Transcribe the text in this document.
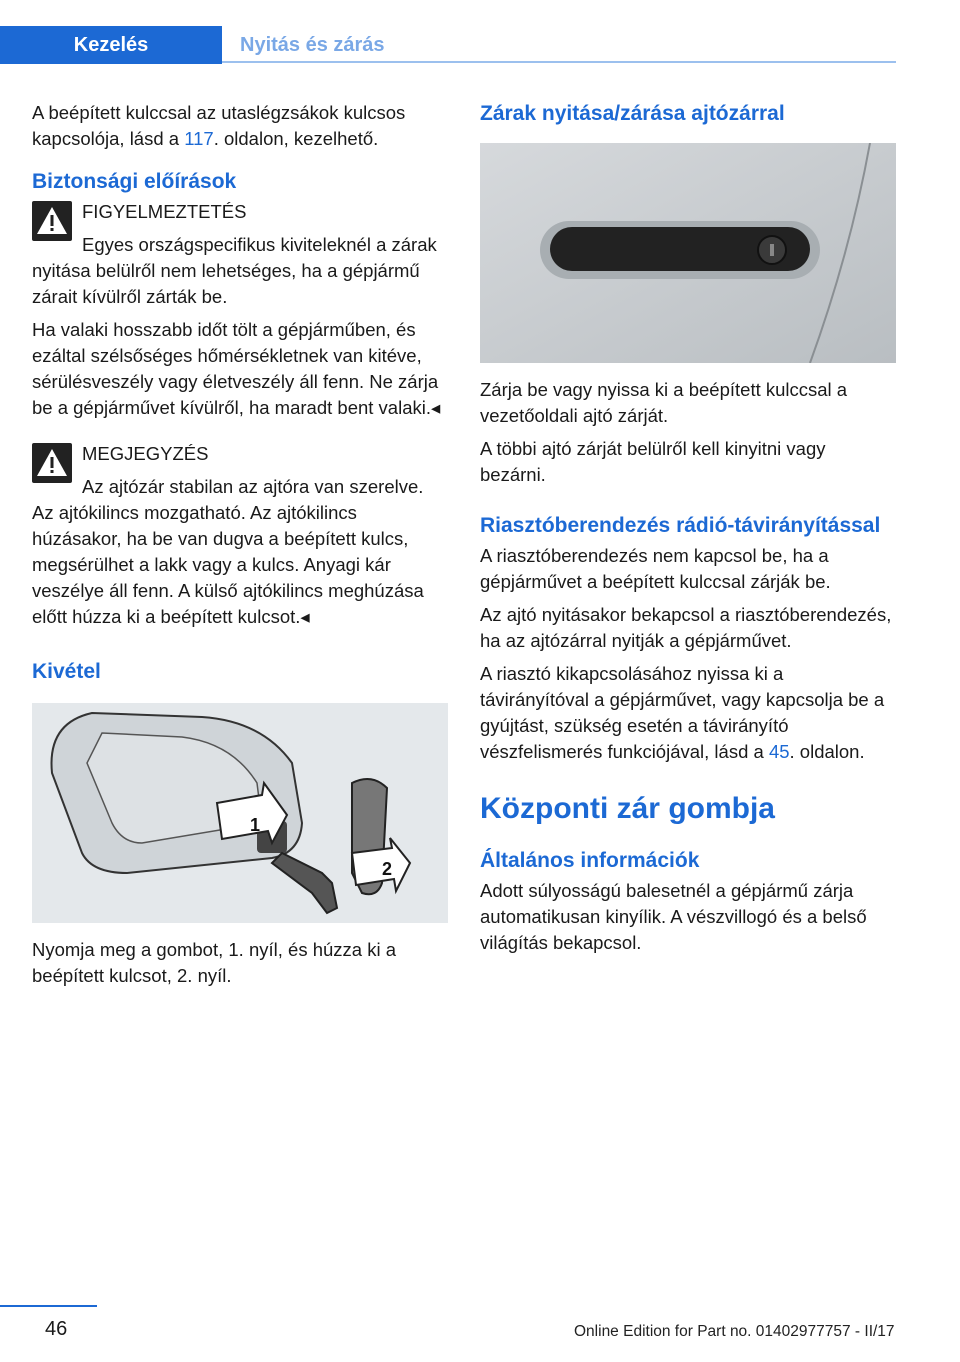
Kezelés	Nyitás és zárás

A beépített kulccsal az utaslégzsákok kulcsos kapcsolója, lásd a 117. oldalon, kezelhető.

Biztonsági előírások

FIGYELMEZTETÉS

Egyes országspecifikus kiviteleknél a zárak nyitása belülről nem lehetséges, ha a gépjármű zárait kívülről zárták be.

Ha valaki hosszabb időt tölt a gépjárműben, és ezáltal szélsőséges hőmérsékletnek van kitéve, sérülésveszély vagy életveszély áll fenn. Ne zárja be a gépjárművet kívülről, ha maradt bent valaki.◂

MEGJEGYZÉS

Az ajtózár stabilan az ajtóra van szerelve. Az ajtókilincs mozgatható. Az ajtókilincs húzásakor, ha be van dugva a beépített kulcs, megsérülhet a lakk vagy a kulcs. Anyagi kár veszélye áll fenn. A külső ajtókilincs meghúzása előtt húzza ki a beépített kulcsot.◂

Kivétel
1
2

Nyomja meg a gombot, 1. nyíl, és húzza ki a beépített kulcsot, 2. nyíl.

Zárak nyitása/zárása ajtózárral

Zárja be vagy nyissa ki a beépített kulccsal a vezetőoldali ajtó zárját.

A többi ajtó zárját belülről kell kinyitni vagy bezárni.

Riasztóberendezés rádió-távirányítással

A riasztóberendezés nem kapcsol be, ha a gépjárművet a beépített kulccsal zárják be.

Az ajtó nyitásakor bekapcsol a riasztóberendezés, ha az ajtózárral nyitják a gépjárművet.

A riasztó kikapcsolásához nyissa ki a távirányítóval a gépjárművet, vagy kapcsolja be a gyújtást, szükség esetén a távirányító vészfelismerés funkciójával, lásd a 45. oldalon.

Központi zár gombja
Általános információk

Adott súlyosságú balesetnél a gépjármű zárja automatikusan kinyílik. A vészvillogó és a belső világítás bekapcsol.

46	Online Edition for Part no. 01402977757 - II/17
